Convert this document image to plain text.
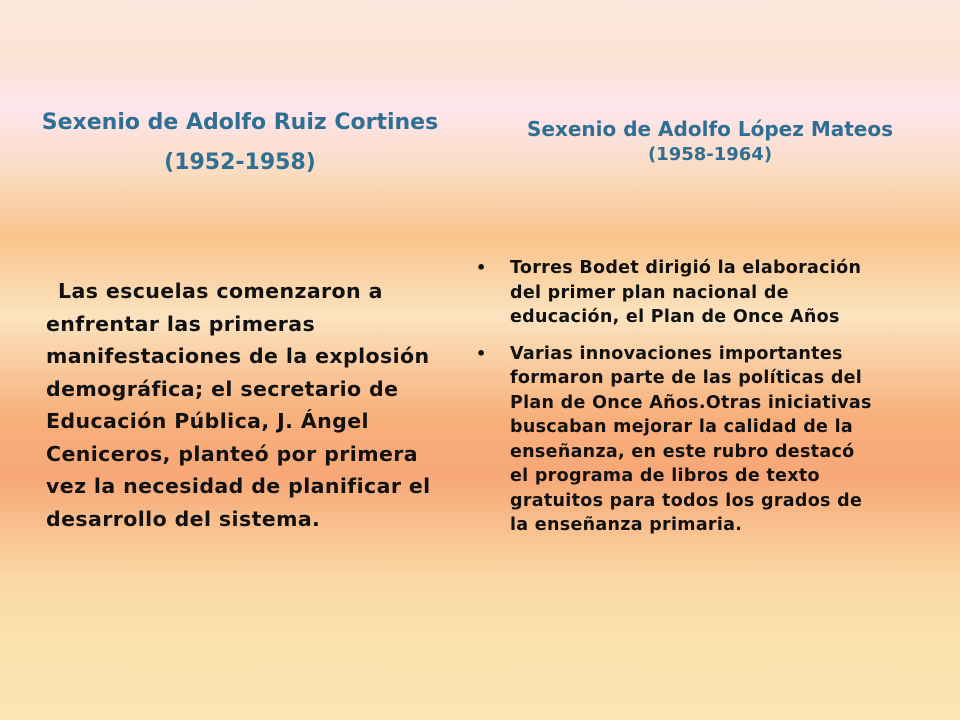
Sexenio de Adolfo Ruiz Cortines
(1952-1958)
Sexenio de Adolfo López Mateos
(1958-1964)
Las escuelas comenzaron a enfrentar las primeras manifestaciones de la explosión demográfica; el secretario de Educación Pública, J. Ángel Ceniceros, planteó por primera vez la necesidad de planificar el desarrollo del sistema.
• Torres Bodet dirigió la elaboración del primer plan nacional de educación, el Plan de Once Años
• Varias innovaciones importantes formaron parte de las políticas del Plan de Once Años.Otras iniciativas buscaban mejorar la calidad de la enseñanza, en este rubro destacó el programa de libros de texto gratuitos para todos los grados de la enseñanza primaria.
